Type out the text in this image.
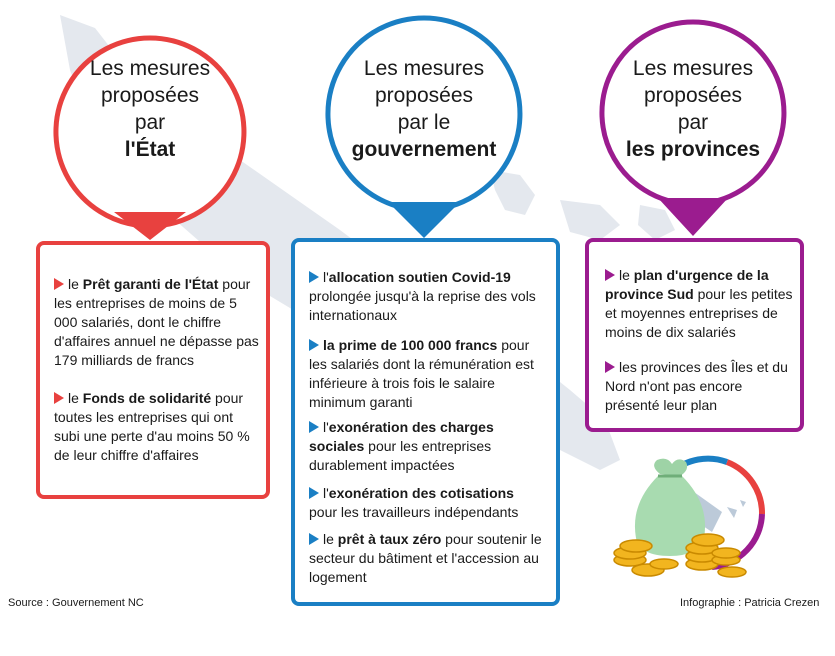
Les mesures
proposées
par
l'État
le Prêt garanti de l'État pour les entreprises de moins de 5 000 salariés, dont le chiffre d'affaires annuel ne dépasse pas 179 milliards de francs
le Fonds de solidarité pour toutes les entreprises qui ont subi une perte d'au moins 50 % de leur chiffre d'affaires
Les mesures
proposées
par le
gouvernement
l'allocation soutien Covid-19 prolongée jusqu'à la reprise des vols internationaux
la prime de 100 000 francs pour les salariés dont la rémunération est inférieure à trois fois le salaire minimum garanti
l'exonération des charges sociales pour les entreprises durablement impactées
l'exonération des cotisations pour les travailleurs indépendants
le prêt à taux zéro pour soutenir le secteur du bâtiment et l'accession au logement
Les mesures
proposées
par
les provinces
le plan d'urgence de la province Sud pour les petites et moyennes entreprises de moins de dix salariés
les provinces des Îles et du Nord n'ont pas encore présenté leur plan
Source : Gouvernement NC	Infographie : Patricia Crezen
